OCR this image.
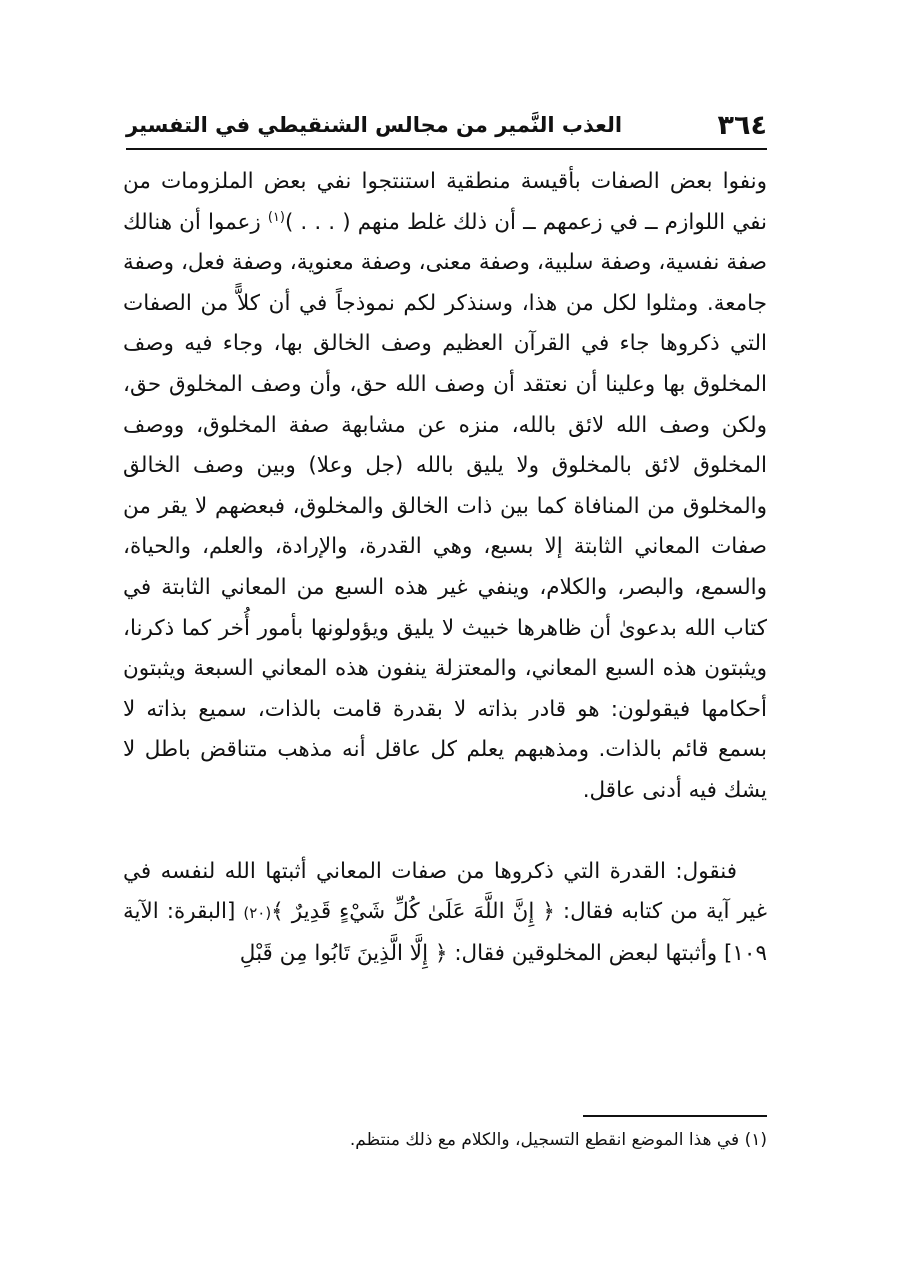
٣٦٤
العذب النَّمير من مجالس الشنقيطي في التفسير

ونفوا بعض الصفات بأقيسة منطقية استنتجوا نفي بعض الملزومات من نفي اللوازم ــ في زعمهم ــ أن ذلك غلط منهم ( . . . )$^{(١)}$ زعموا أن هنالك صفة نفسية، وصفة سلبية، وصفة معنى، وصفة معنوية، وصفة فعل، وصفة جامعة. ومثلوا لكل من هذا، وسنذكر لكم نموذجاً في أن كلاًّ من الصفات التي ذكروها جاء في القرآن العظيم وصف الخالق بها، وجاء فيه وصف المخلوق بها وعلينا أن نعتقد أن وصف الله حق، وأن وصف المخلوق حق، ولكن وصف الله لائق بالله، منزه عن مشابهة صفة المخلوق، ووصف المخلوق لائق بالمخلوق ولا يليق بالله (جل وعلا) وبين وصف الخالق والمخلوق من المنافاة كما بين ذات الخالق والمخلوق، فبعضهم لا يقر من صفات المعاني الثابتة إلا بسبع، وهي القدرة، والإرادة، والعلم، والحياة، والسمع، والبصر، والكلام، وينفي غير هذه السبع من المعاني الثابتة في كتاب الله بدعوىٰ أن ظاهرها خبيث لا يليق ويؤولونها بأمور أُخر كما ذكرنا، ويثبتون هذه السبع المعاني، والمعتزلة ينفون هذه المعاني السبعة ويثبتون أحكامها فيقولون: هو قادر بذاته لا بقدرة قامت بالذات، سميع بذاته لا بسمع قائم بالذات. ومذهبهم يعلم كل عاقل أنه مذهب متناقض باطل لا يشك فيه أدنى عاقل.

فنقول: القدرة التي ذكروها من صفات المعاني أثبتها الله لنفسه في غير آية من كتابه فقال: ﴿ إِنَّ اللَّهَ عَلَىٰ كُلِّ شَيْءٍ قَدِيرٌ ﴾(٢٠) [البقرة: الآية ١٠٩] وأثبتها لبعض المخلوقين فقال: ﴿ إِلَّا الَّذِينَ تَابُوا مِن قَبْلِ

(١) في هذا الموضع انقطع التسجيل، والكلام مع ذلك منتظم.
